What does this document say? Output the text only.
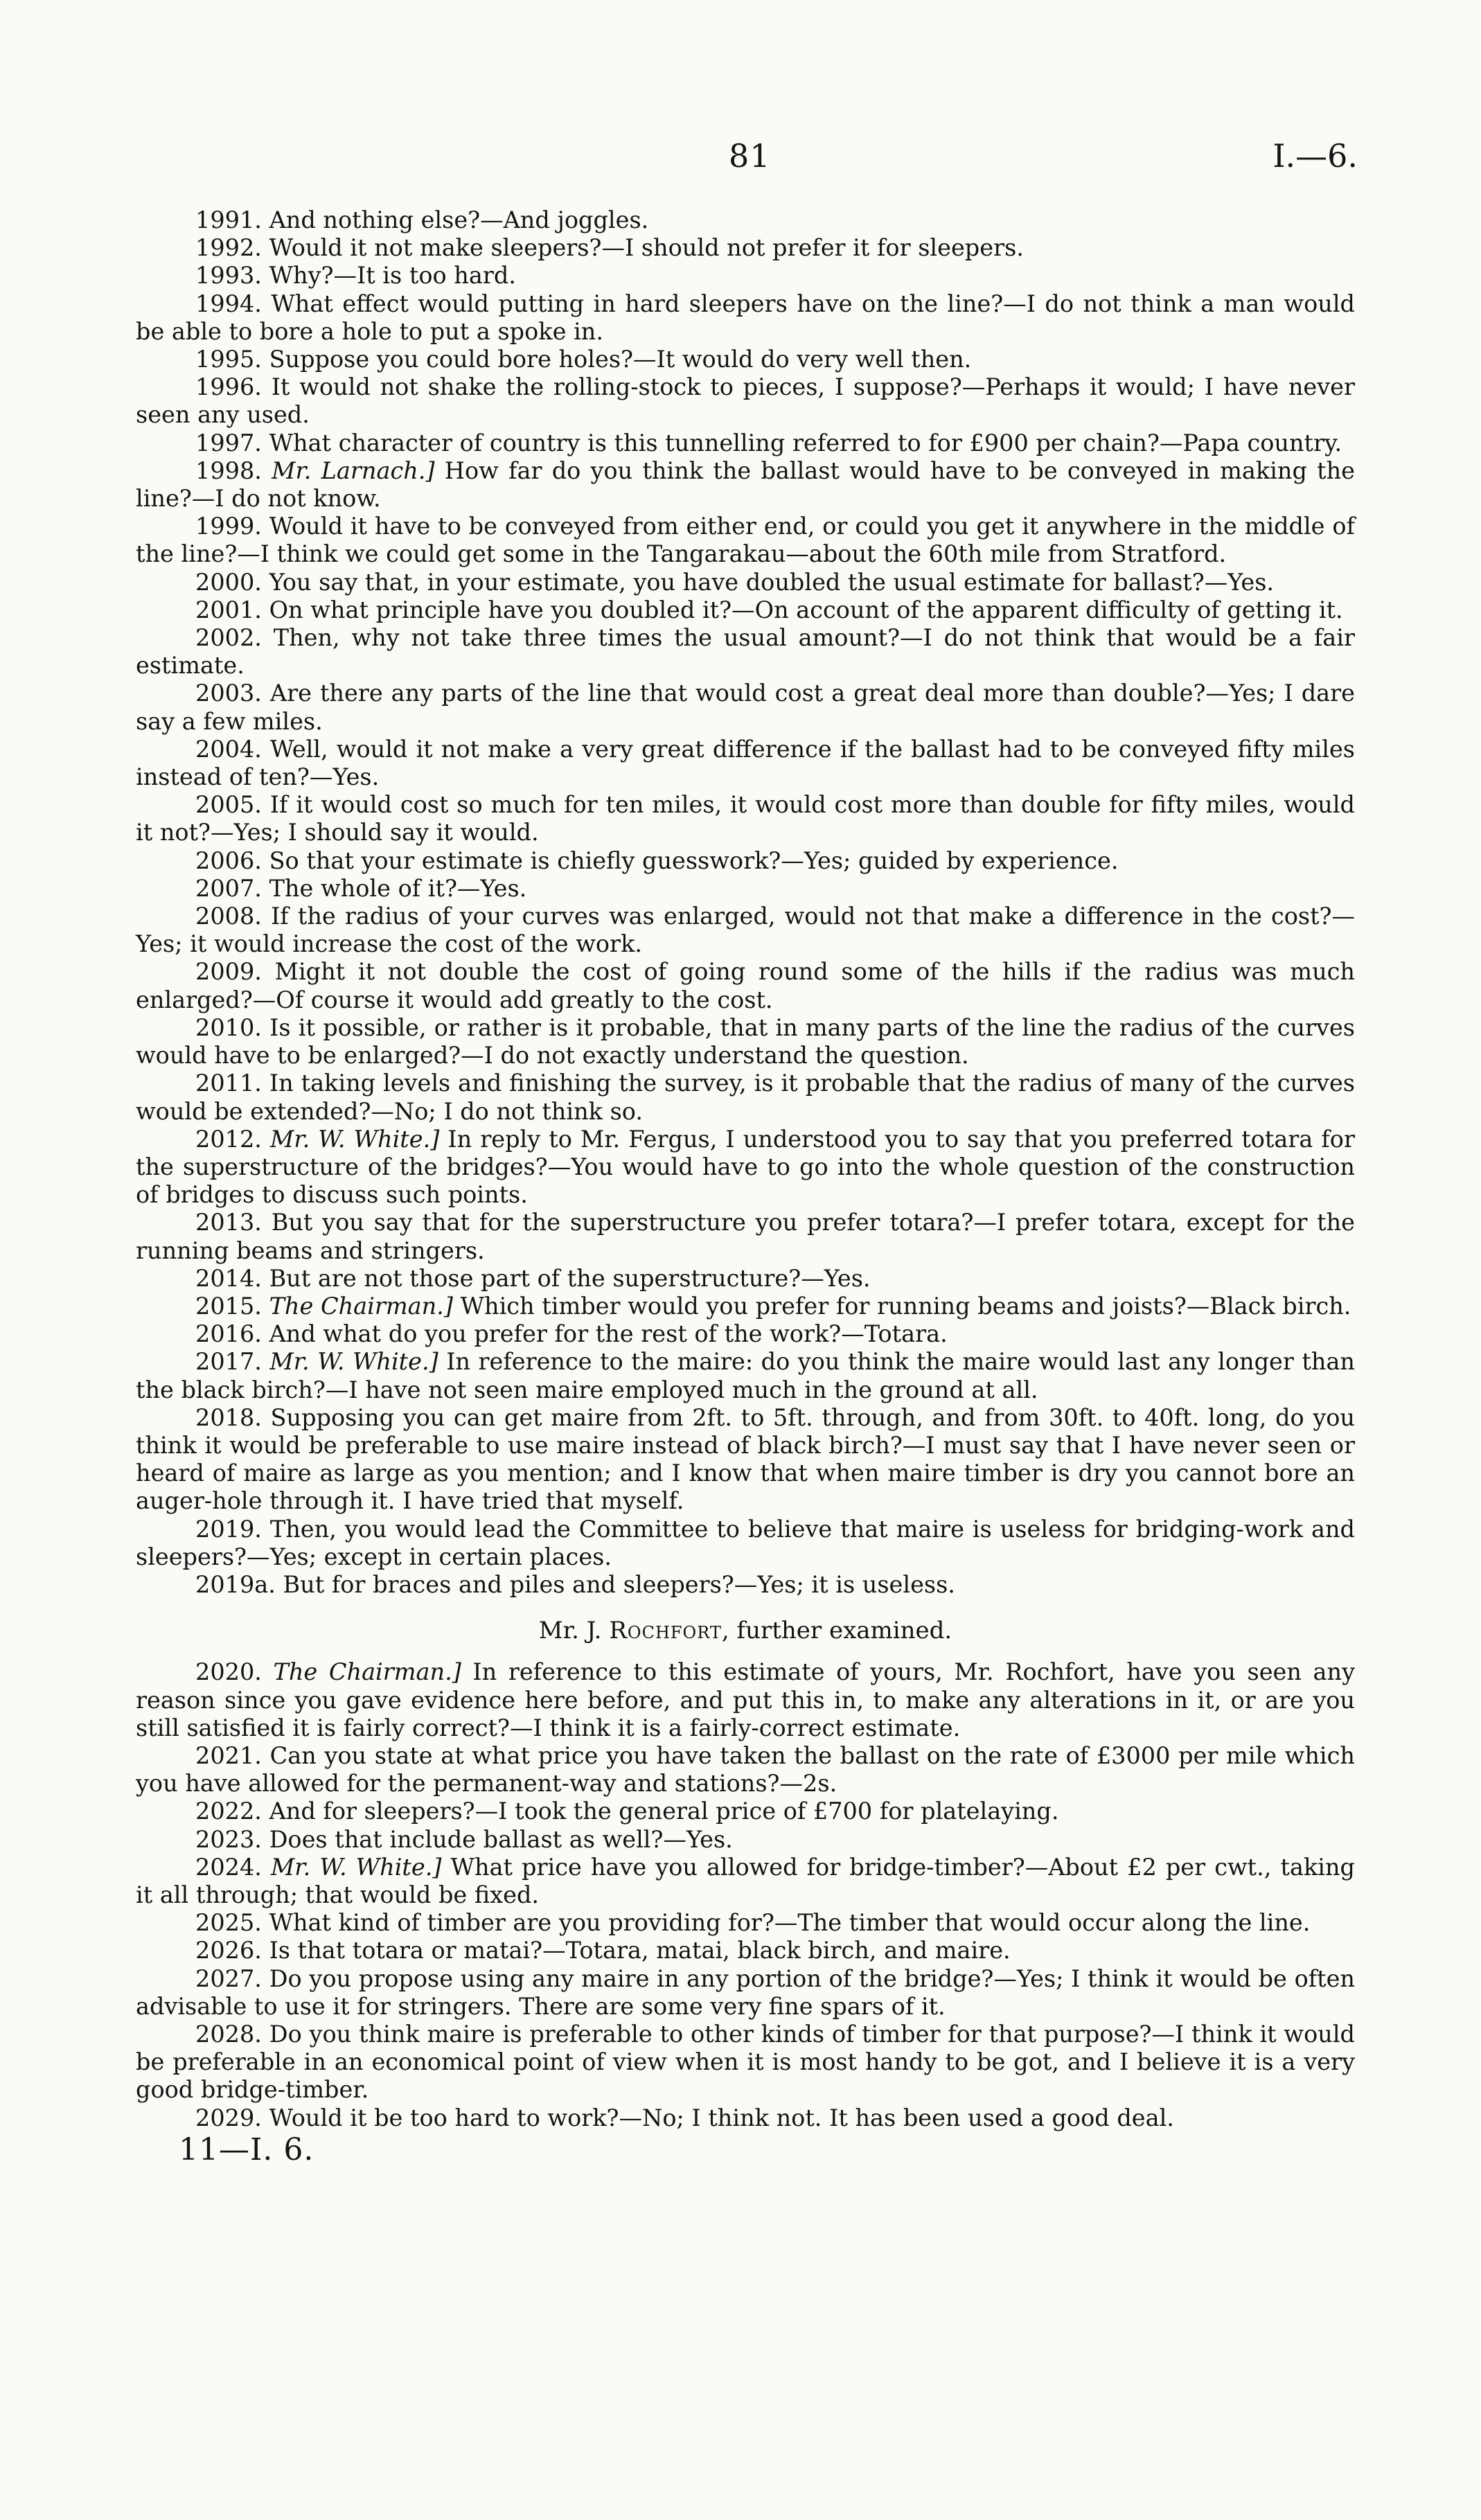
81	I.—6.

1991. And nothing else?—And joggles.

1992. Would it not make sleepers?—I should not prefer it for sleepers.

1993. Why?—It is too hard.

1994. What effect would putting in hard sleepers have on the line?—I do not think a man would be able to bore a hole to put a spoke in.

1995. Suppose you could bore holes?—It would do very well then.

1996. It would not shake the rolling-stock to pieces, I suppose?—Perhaps it would; I have never seen any used.

1997. What character of country is this tunnelling referred to for £900 per chain?—Papa country.

1998. Mr. Larnach.] How far do you think the ballast would have to be conveyed in making the line?—I do not know.

1999. Would it have to be conveyed from either end, or could you get it anywhere in the middle of the line?—I think we could get some in the Tangarakau—about the 60th mile from Stratford.

2000. You say that, in your estimate, you have doubled the usual estimate for ballast?—Yes.

2001. On what principle have you doubled it?—On account of the apparent difficulty of getting it.

2002. Then, why not take three times the usual amount?—I do not think that would be a fair estimate.

2003. Are there any parts of the line that would cost a great deal more than double?—Yes; I dare say a few miles.

2004. Well, would it not make a very great difference if the ballast had to be conveyed fifty miles instead of ten?—Yes.

2005. If it would cost so much for ten miles, it would cost more than double for fifty miles, would it not?—Yes; I should say it would.

2006. So that your estimate is chiefly guesswork?—Yes; guided by experience.

2007. The whole of it?—Yes.

2008. If the radius of your curves was enlarged, would not that make a difference in the cost?—Yes; it would increase the cost of the work.

2009. Might it not double the cost of going round some of the hills if the radius was much enlarged?—Of course it would add greatly to the cost.

2010. Is it possible, or rather is it probable, that in many parts of the line the radius of the curves would have to be enlarged?—I do not exactly understand the question.

2011. In taking levels and finishing the survey, is it probable that the radius of many of the curves would be extended?—No; I do not think so.

2012. Mr. W. White.] In reply to Mr. Fergus, I understood you to say that you preferred totara for the superstructure of the bridges?—You would have to go into the whole question of the construction of bridges to discuss such points.

2013. But you say that for the superstructure you prefer totara?—I prefer totara, except for the running beams and stringers.

2014. But are not those part of the superstructure?—Yes.

2015. The Chairman.] Which timber would you prefer for running beams and joists?—Black birch.

2016. And what do you prefer for the rest of the work?—Totara.

2017. Mr. W. White.] In reference to the maire: do you think the maire would last any longer than the black birch?—I have not seen maire employed much in the ground at all.

2018. Supposing you can get maire from 2ft. to 5ft. through, and from 30ft. to 40ft. long, do you think it would be preferable to use maire instead of black birch?—I must say that I have never seen or heard of maire as large as you mention; and I know that when maire timber is dry you cannot bore an auger-hole through it. I have tried that myself.

2019. Then, you would lead the Committee to believe that maire is useless for bridging-work and sleepers?—Yes; except in certain places.

2019a. But for braces and piles and sleepers?—Yes; it is useless.

Mr. J. Rochfort, further examined.

2020. The Chairman.] In reference to this estimate of yours, Mr. Rochfort, have you seen any reason since you gave evidence here before, and put this in, to make any alterations in it, or are you still satisfied it is fairly correct?—I think it is a fairly-correct estimate.

2021. Can you state at what price you have taken the ballast on the rate of £3000 per mile which you have allowed for the permanent-way and stations?—2s.

2022. And for sleepers?—I took the general price of £700 for platelaying.

2023. Does that include ballast as well?—Yes.

2024. Mr. W. White.] What price have you allowed for bridge-timber?—About £2 per cwt., taking it all through; that would be fixed.

2025. What kind of timber are you providing for?—The timber that would occur along the line.

2026. Is that totara or matai?—Totara, matai, black birch, and maire.

2027. Do you propose using any maire in any portion of the bridge?—Yes; I think it would be often advisable to use it for stringers. There are some very fine spars of it.

2028. Do you think maire is preferable to other kinds of timber for that purpose?—I think it would be preferable in an economical point of view when it is most handy to be got, and I believe it is a very good bridge-timber.

2029. Would it be too hard to work?—No; I think not. It has been used a good deal.

11—I. 6.
